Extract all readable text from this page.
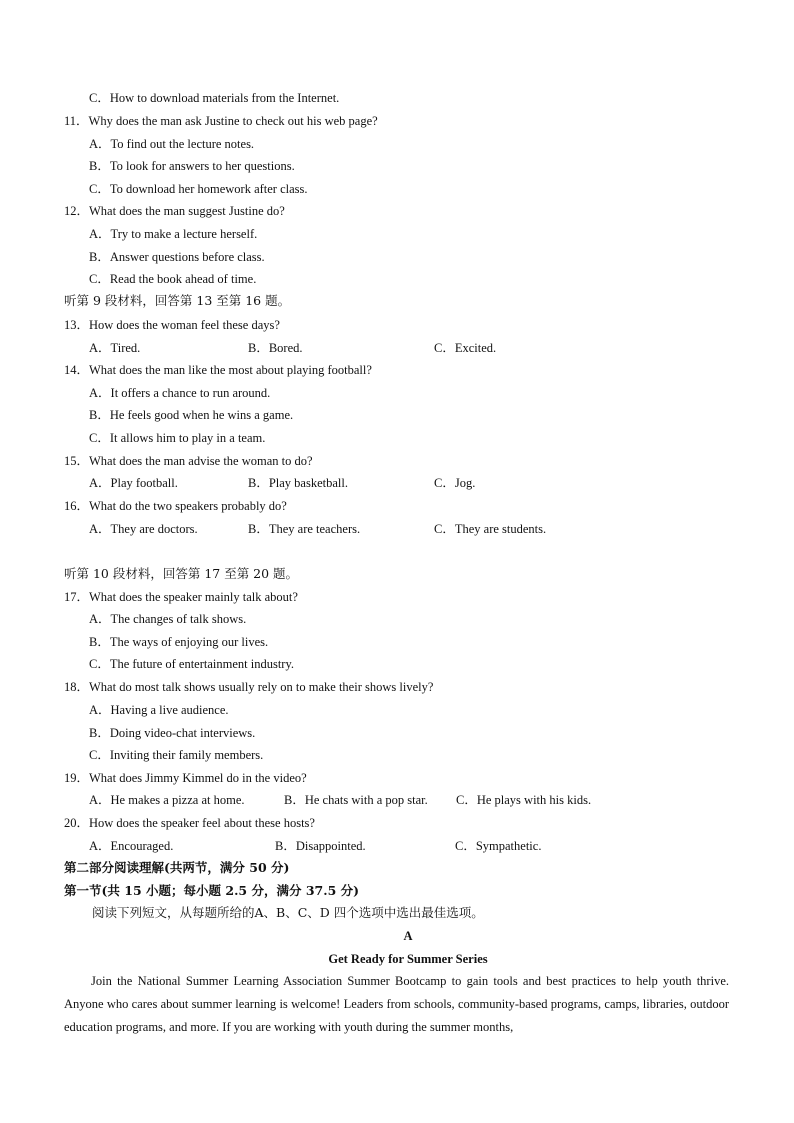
C．How to download materials from the Internet.
11．Why does the man ask Justine to check out his web page?
A．To find out the lecture notes.
B．To look for answers to her questions.
C．To download her homework after class.
12．What does the man suggest Justine do?
A．Try to make a lecture herself.
B．Answer questions before class.
C．Read the book ahead of time.
听第 9 段材料，回答第 13 至第 16 题。
13．How does the woman feel these days?
A．Tired.	B．Bored.	C．Excited.
14．What does the man like the most about playing football?
A．It offers a chance to run around.
B．He feels good when he wins a game.
C．It allows him to play in a team.
15．What does the man advise the woman to do?
A．Play football.	B．Play basketball.	C．Jog.
16．What do the two speakers probably do?
A．They are doctors.	B．They are teachers.	C．They are students.
听第 10 段材料，回答第 17 至第 20 题。
17．What does the speaker mainly talk about?
A．The changes of talk shows.
B．The ways of enjoying our lives.
C．The future of entertainment industry.
18．What do most talk shows usually rely on to make their shows lively?
A．Having a live audience.
B．Doing video-chat interviews.
C．Inviting their family members.
19．What does Jimmy Kimmel do in the video?
A．He makes a pizza at home.	B．He chats with a pop star. C．He plays with his kids.
20．How does the speaker feel about these hosts?
A．Encouraged.	B．Disappointed.	C．Sympathetic.
第二部分阅读理解(共两节，满分 50 分)
第一节(共 15 小题；每小题 2.5 分，满分 37.5 分)
阅读下列短文，从每题所给的A、B、C、D 四个选项中选出最佳选项。
A
Get Ready for Summer Series

Join the National Summer Learning Association Summer Bootcamp to gain tools and best practices to help youth thrive. Anyone who cares about summer learning is welcome! Leaders from schools, community-based programs, camps, libraries, outdoor education programs, and more. If you are working with youth during the summer months,
